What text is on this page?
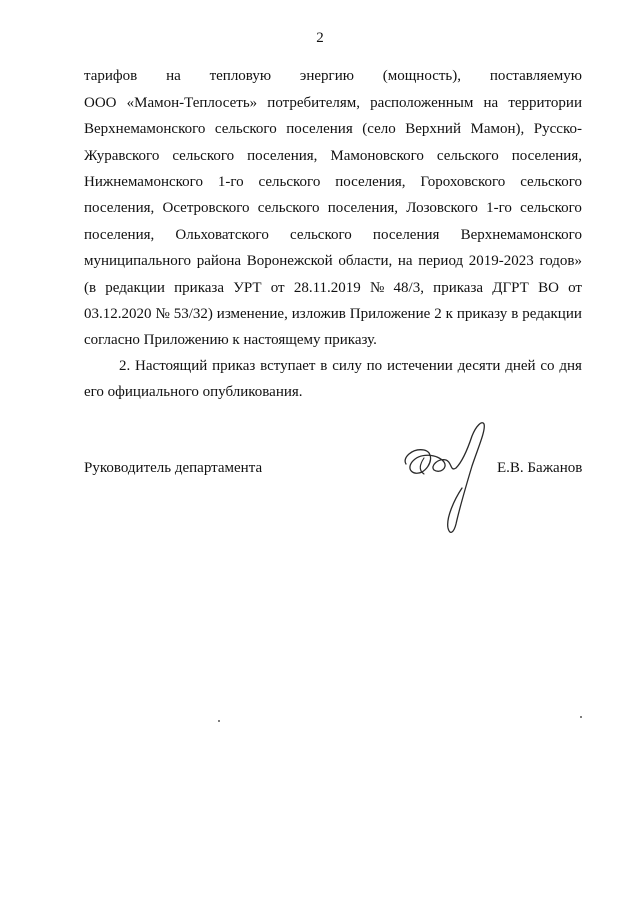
2
тарифов на тепловую энергию (мощность), поставляемую
ООО «Мамон-Теплосеть» потребителям, расположенным на территории
Верхнемамонского сельского поселения (село Верхний Мамон), Русско-
Журавского сельского поселения, Мамоновского сельского поселения,
Нижнемамонского 1-го сельского поселения, Гороховского сельского
поселения, Осетровского сельского поселения, Лозовского 1-го сельского
поселения, Ольховатского сельского поселения Верхнемамонского
муниципального района Воронежской области, на период 2019-2023 годов»
(в редакции приказа УРТ от 28.11.2019 № 48/3, приказа ДГРТ ВО от
03.12.2020 № 53/32) изменение, изложив Приложение 2 к приказу в редакции
согласно Приложению к настоящему приказу.
2. Настоящий приказ вступает в силу по истечении десяти дней со дня
его официального опубликования.
Руководитель департамента	Е.В. Бажанов
